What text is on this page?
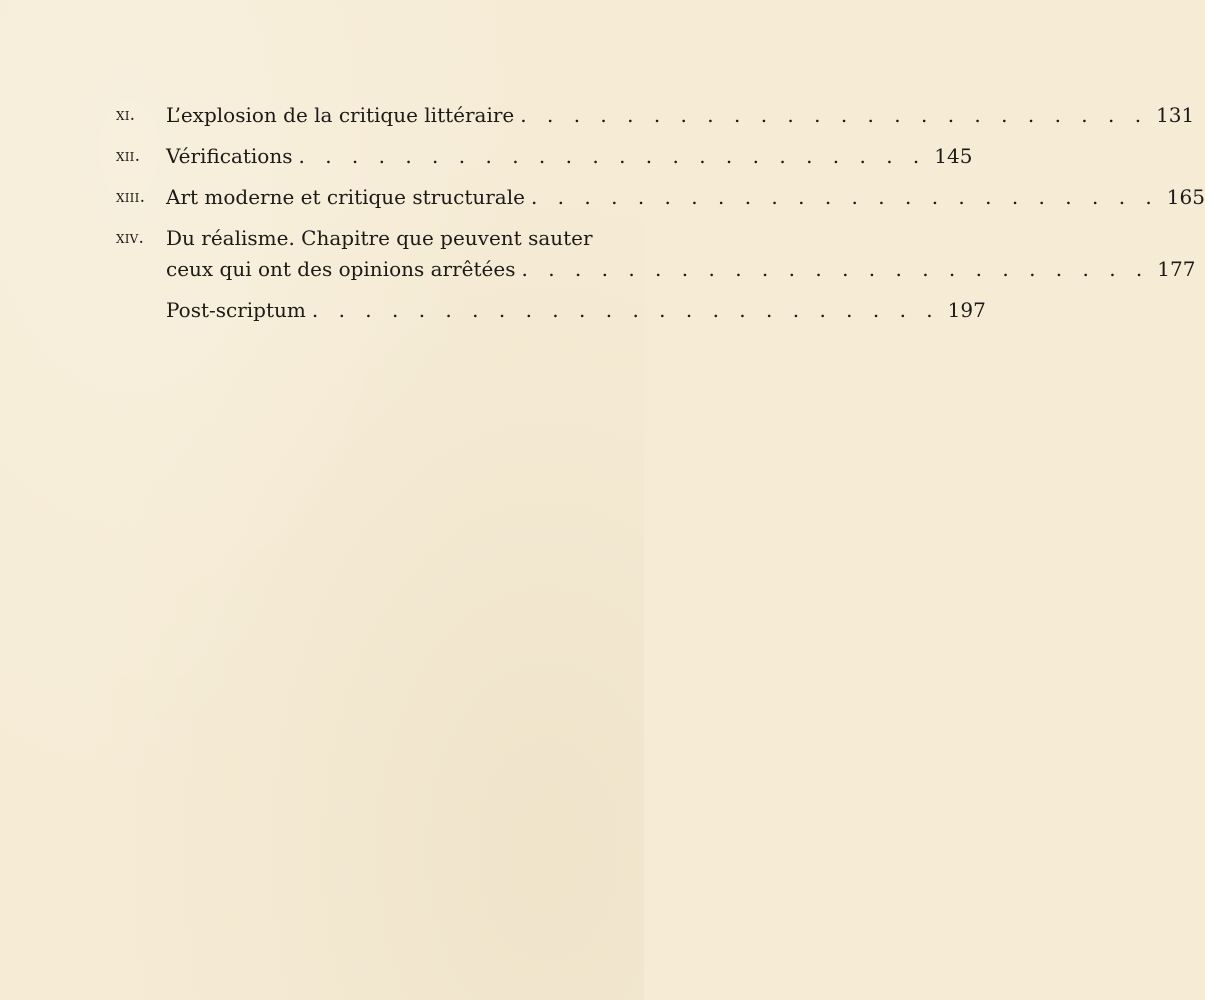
xi.	L’explosion de la critique littéraire . . . . . . . . . . . . . . . . . . . . . . . . 131
xii.	Vérifications . . . . . . . . . . . . . . . . . . . . . . . . 145
xiii.	Art moderne et critique structurale . . . . . . . . . . . . . . . . . . . . . . . . 165
xiv.	Du réalisme. Chapitre que peuvent sauter
ceux qui ont des opinions arrêtées . . . . . . . . . . . . . . . . . . . . . . . . 177
Post-scriptum . . . . . . . . . . . . . . . . . . . . . . . . 197
